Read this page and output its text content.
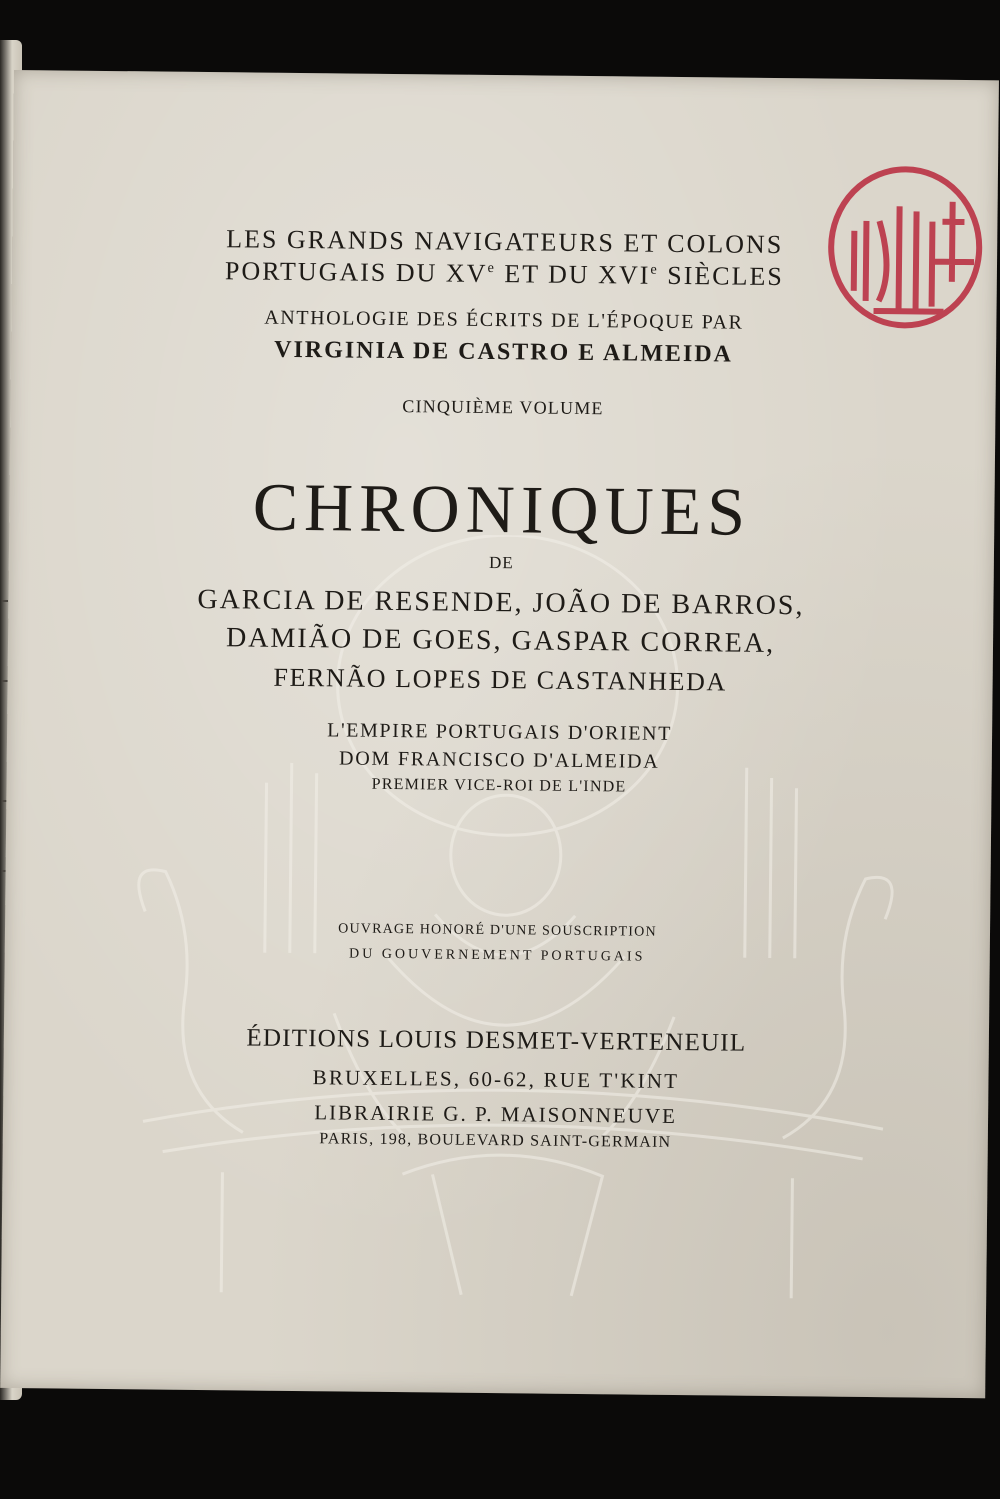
LES GRANDS NAVIGATEURS ET COLONS
PORTUGAIS DU XVe ET DU XVIe SIÈCLES
ANTHOLOGIE DES ÉCRITS DE L'ÉPOQUE PAR
VIRGINIA DE CASTRO E ALMEIDA
CINQUIÈME VOLUME
CHRONIQUES
DE
GARCIA DE RESENDE, JOÃO DE BARROS,
DAMIÃO DE GOES, GASPAR CORREA,
FERNÃO LOPES DE CASTANHEDA
L'EMPIRE PORTUGAIS D'ORIENT
DOM FRANCISCO D'ALMEIDA
PREMIER VICE-ROI DE L'INDE
OUVRAGE HONORÉ D'UNE SOUSCRIPTION
DU GOUVERNEMENT PORTUGAIS
ÉDITIONS LOUIS DESMET-VERTENEUIL
BRUXELLES, 60-62, RUE T'KINT
LIBRAIRIE G. P. MAISONNEUVE
PARIS, 198, BOULEVARD SAINT-GERMAIN
